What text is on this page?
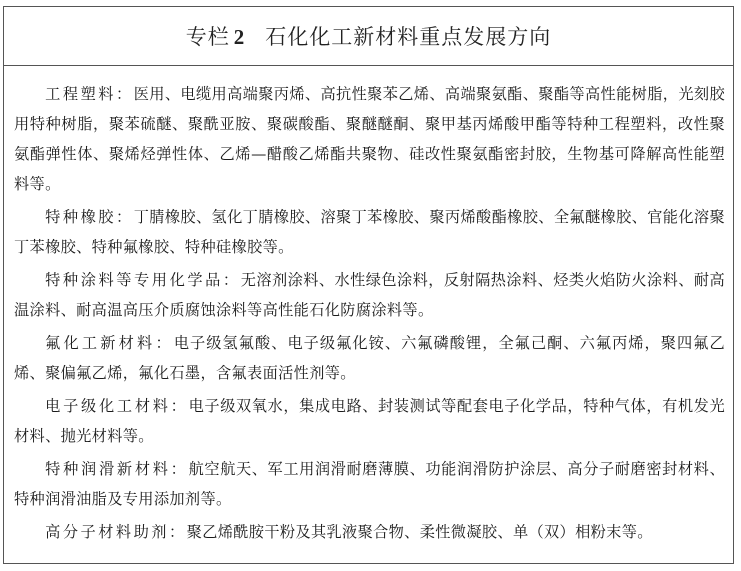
专栏 2 石化化工新材料重点发展方向

工程塑料：医用、电缆用高端聚丙烯、高抗性聚苯乙烯、高端聚氨酯、聚酯等高性能树脂，光刻胶用特种树脂，聚苯硫醚、聚酰亚胺、聚碳酸酯、聚醚醚酮、聚甲基丙烯酸甲酯等特种工程塑料，改性聚氨酯弹性体、聚烯烃弹性体、乙烯—醋酸乙烯酯共聚物、硅改性聚氨酯密封胶，生物基可降解高性能塑料等。

特种橡胶：丁腈橡胶、氢化丁腈橡胶、溶聚丁苯橡胶、聚丙烯酸酯橡胶、全氟醚橡胶、官能化溶聚丁苯橡胶、特种氟橡胶、特种硅橡胶等。

特种涂料等专用化学品：无溶剂涂料、水性绿色涂料，反射隔热涂料、烃类火焰防火涂料、耐高温涂料、耐高温高压介质腐蚀涂料等高性能石化防腐涂料等。

氟化工新材料：电子级氢氟酸、电子级氟化铵、六氟磷酸锂，全氟己酮、六氟丙烯，聚四氟乙烯、聚偏氟乙烯，氟化石墨，含氟表面活性剂等。

电子级化工材料：电子级双氧水，集成电路、封装测试等配套电子化学品，特种气体，有机发光材料、抛光材料等。

特种润滑新材料：航空航天、军工用润滑耐磨薄膜、功能润滑防护涂层、高分子耐磨密封材料、特种润滑油脂及专用添加剂等。

高分子材料助剂：聚乙烯酰胺干粉及其乳液聚合物、柔性微凝胶、单（双）相粉末等。
